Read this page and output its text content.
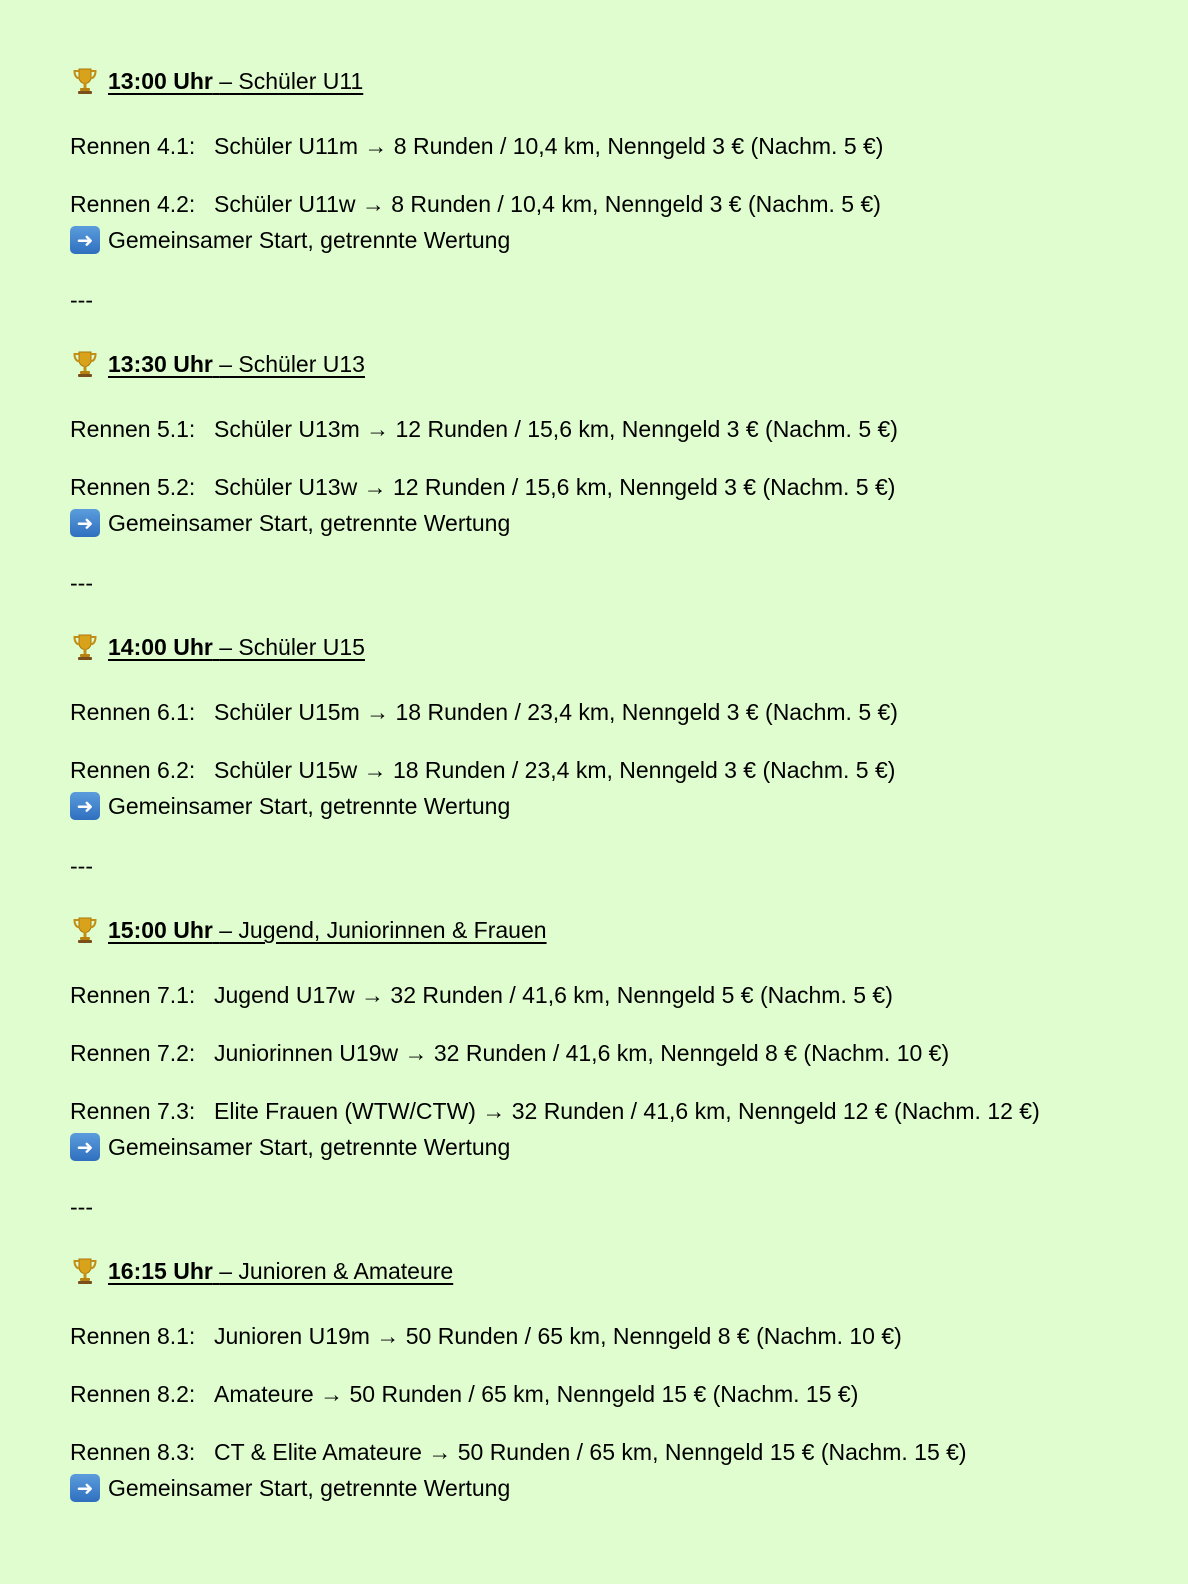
13:00 Uhr
– Schüler U11
Rennen 4.1: Schüler U11m → 8 Runden / 10,4 km, Nenngeld 3 € (Nachm. 5 €)
Rennen 4.2: Schüler U11w → 8 Runden / 10,4 km, Nenngeld 3 € (Nachm. 5 €)
➜ Gemeinsamer Start, getrennte Wertung
---
13:30 Uhr
– Schüler U13
Rennen 5.1: Schüler U13m → 12 Runden / 15,6 km, Nenngeld 3 € (Nachm. 5 €)
Rennen 5.2: Schüler U13w → 12 Runden / 15,6 km, Nenngeld 3 € (Nachm. 5 €)
➜ Gemeinsamer Start, getrennte Wertung
---
14:00 Uhr
– Schüler U15
Rennen 6.1: Schüler U15m → 18 Runden / 23,4 km, Nenngeld 3 € (Nachm. 5 €)
Rennen 6.2: Schüler U15w → 18 Runden / 23,4 km, Nenngeld 3 € (Nachm. 5 €)
➜ Gemeinsamer Start, getrennte Wertung
---
15:00 Uhr
– Jugend, Juniorinnen & Frauen
Rennen 7.1: Jugend U17w → 32 Runden / 41,6 km, Nenngeld 5 € (Nachm. 5 €)
Rennen 7.2: Juniorinnen U19w → 32 Runden / 41,6 km, Nenngeld 8 € (Nachm. 10 €)
Rennen 7.3: Elite Frauen (WTW/CTW) → 32 Runden / 41,6 km, Nenngeld 12 € (Nachm. 12 €)
➜ Gemeinsamer Start, getrennte Wertung
---
16:15 Uhr
– Junioren & Amateure
Rennen 8.1: Junioren U19m → 50 Runden / 65 km, Nenngeld 8 € (Nachm. 10 €)
Rennen 8.2: Amateure → 50 Runden / 65 km, Nenngeld 15 € (Nachm. 15 €)
Rennen 8.3: CT & Elite Amateure → 50 Runden / 65 km, Nenngeld 15 € (Nachm. 15 €)
➜ Gemeinsamer Start, getrennte Wertung
